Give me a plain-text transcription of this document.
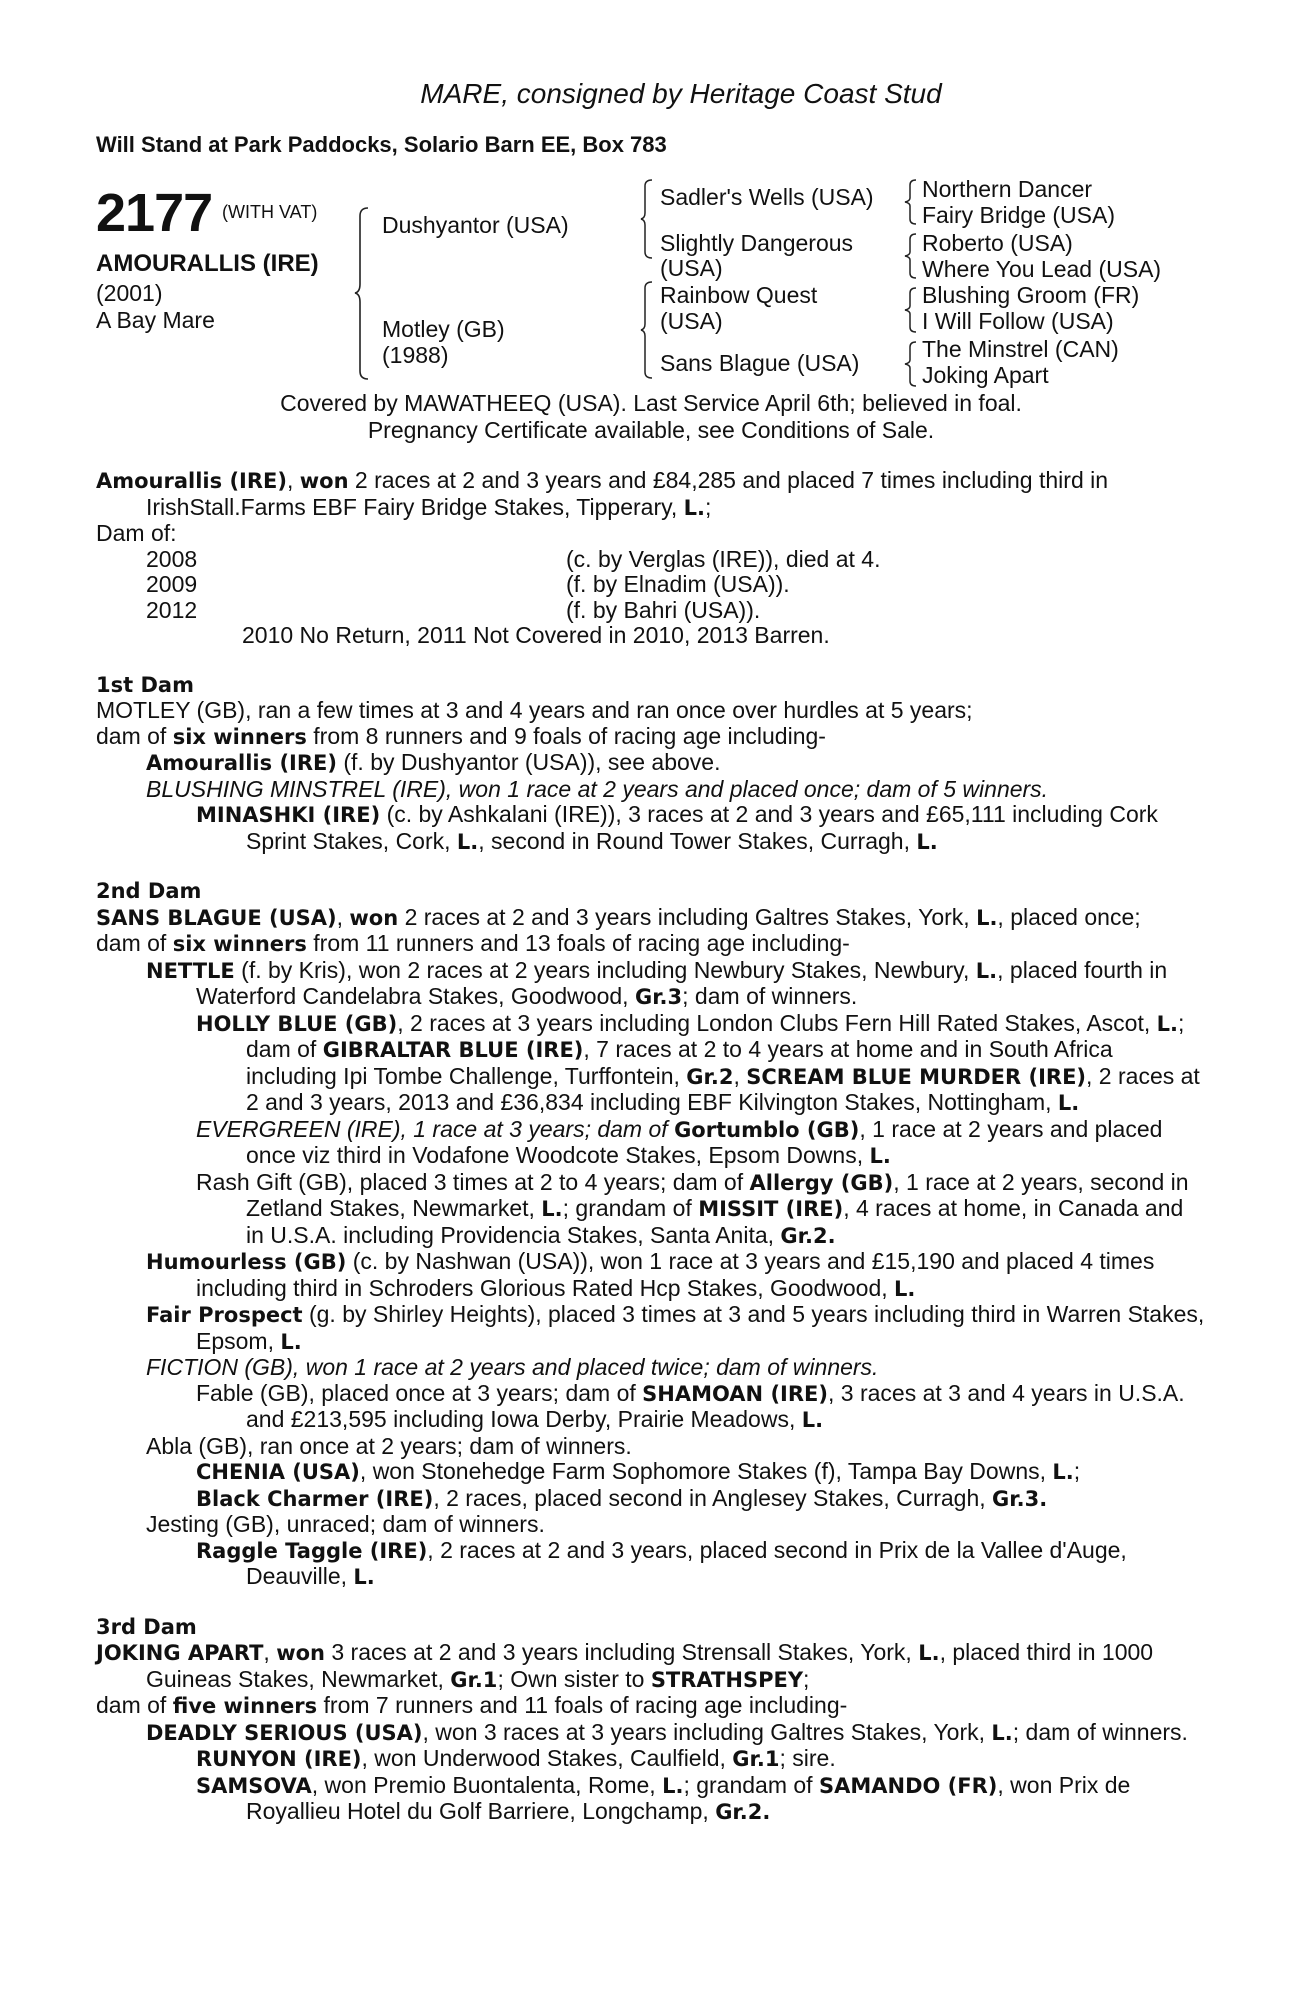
MARE, consigned by Heritage Coast Stud
Will Stand at Park Paddocks, Solario Barn EE, Box 783
2177 (WITH VAT)
AMOURALLIS (IRE)
(2001)
A Bay Mare
Dushyantor (USA)
Motley (GB)
(1988)
Sadler's Wells (USA)
Slightly Dangerous
(USA)
Rainbow Quest
(USA)
Sans Blague (USA)
Northern Dancer
Fairy Bridge (USA)
Roberto (USA)
Where You Lead (USA)
Blushing Groom (FR)
I Will Follow (USA)
The Minstrel (CAN)
Joking Apart
Covered by MAWATHEEQ (USA). Last Service April 6th; believed in foal.
Pregnancy Certificate available, see Conditions of Sale.

Amourallis (IRE), won 2 races at 2 and 3 years and £84,285 and placed 7 times including third in IrishStall.Farms EBF Fairy Bridge Stakes, Tipperary, L.;

Dam of:

2008	(c. by Verglas (IRE)), died at 4.
2009	(f. by Elnadim (USA)).
2012	(f. by Bahri (USA)).

2010 No Return, 2011 Not Covered in 2010, 2013 Barren.

1st Dam

MOTLEY (GB), ran a few times at 3 and 4 years and ran once over hurdles at 5 years;

dam of six winners from 8 runners and 9 foals of racing age including-

Amourallis (IRE) (f. by Dushyantor (USA)), see above.

BLUSHING MINSTREL (IRE), won 1 race at 2 years and placed once; dam of 5 winners.

MINASHKI (IRE) (c. by Ashkalani (IRE)), 3 races at 2 and 3 years and £65,111 including Cork Sprint Stakes, Cork, L., second in Round Tower Stakes, Curragh, L.

2nd Dam

SANS BLAGUE (USA), won 2 races at 2 and 3 years including Galtres Stakes, York, L., placed once;

dam of six winners from 11 runners and 13 foals of racing age including-

NETTLE (f. by Kris), won 2 races at 2 years including Newbury Stakes, Newbury, L., placed fourth in Waterford Candelabra Stakes, Goodwood, Gr.3; dam of winners.

HOLLY BLUE (GB), 2 races at 3 years including London Clubs Fern Hill Rated Stakes, Ascot, L.; dam of GIBRALTAR BLUE (IRE), 7 races at 2 to 4 years at home and in South Africa including Ipi Tombe Challenge, Turffontein, Gr.2, SCREAM BLUE MURDER (IRE), 2 races at 2 and 3 years, 2013 and £36,834 including EBF Kilvington Stakes, Nottingham, L.

EVERGREEN (IRE), 1 race at 3 years; dam of Gortumblo (GB), 1 race at 2 years and placed once viz third in Vodafone Woodcote Stakes, Epsom Downs, L.

Rash Gift (GB), placed 3 times at 2 to 4 years; dam of Allergy (GB), 1 race at 2 years, second in Zetland Stakes, Newmarket, L.; grandam of MISSIT (IRE), 4 races at home, in Canada and in U.S.A. including Providencia Stakes, Santa Anita, Gr.2.

Humourless (GB) (c. by Nashwan (USA)), won 1 race at 3 years and £15,190 and placed 4 times including third in Schroders Glorious Rated Hcp Stakes, Goodwood, L.

Fair Prospect (g. by Shirley Heights), placed 3 times at 3 and 5 years including third in Warren Stakes, Epsom, L.

FICTION (GB), won 1 race at 2 years and placed twice; dam of winners.

Fable (GB), placed once at 3 years; dam of SHAMOAN (IRE), 3 races at 3 and 4 years in U.S.A. and £213,595 including Iowa Derby, Prairie Meadows, L.

Abla (GB), ran once at 2 years; dam of winners.

CHENIA (USA), won Stonehedge Farm Sophomore Stakes (f), Tampa Bay Downs, L.;

Black Charmer (IRE), 2 races, placed second in Anglesey Stakes, Curragh, Gr.3.

Jesting (GB), unraced; dam of winners.

Raggle Taggle (IRE), 2 races at 2 and 3 years, placed second in Prix de la Vallee d'Auge, Deauville, L.

3rd Dam

JOKING APART, won 3 races at 2 and 3 years including Strensall Stakes, York, L., placed third in 1000 Guineas Stakes, Newmarket, Gr.1; Own sister to STRATHSPEY;

dam of five winners from 7 runners and 11 foals of racing age including-

DEADLY SERIOUS (USA), won 3 races at 3 years including Galtres Stakes, York, L.; dam of winners.

RUNYON (IRE), won Underwood Stakes, Caulfield, Gr.1; sire.

SAMSOVA, won Premio Buontalenta, Rome, L.; grandam of SAMANDO (FR), won Prix de Royallieu Hotel du Golf Barriere, Longchamp, Gr.2.
